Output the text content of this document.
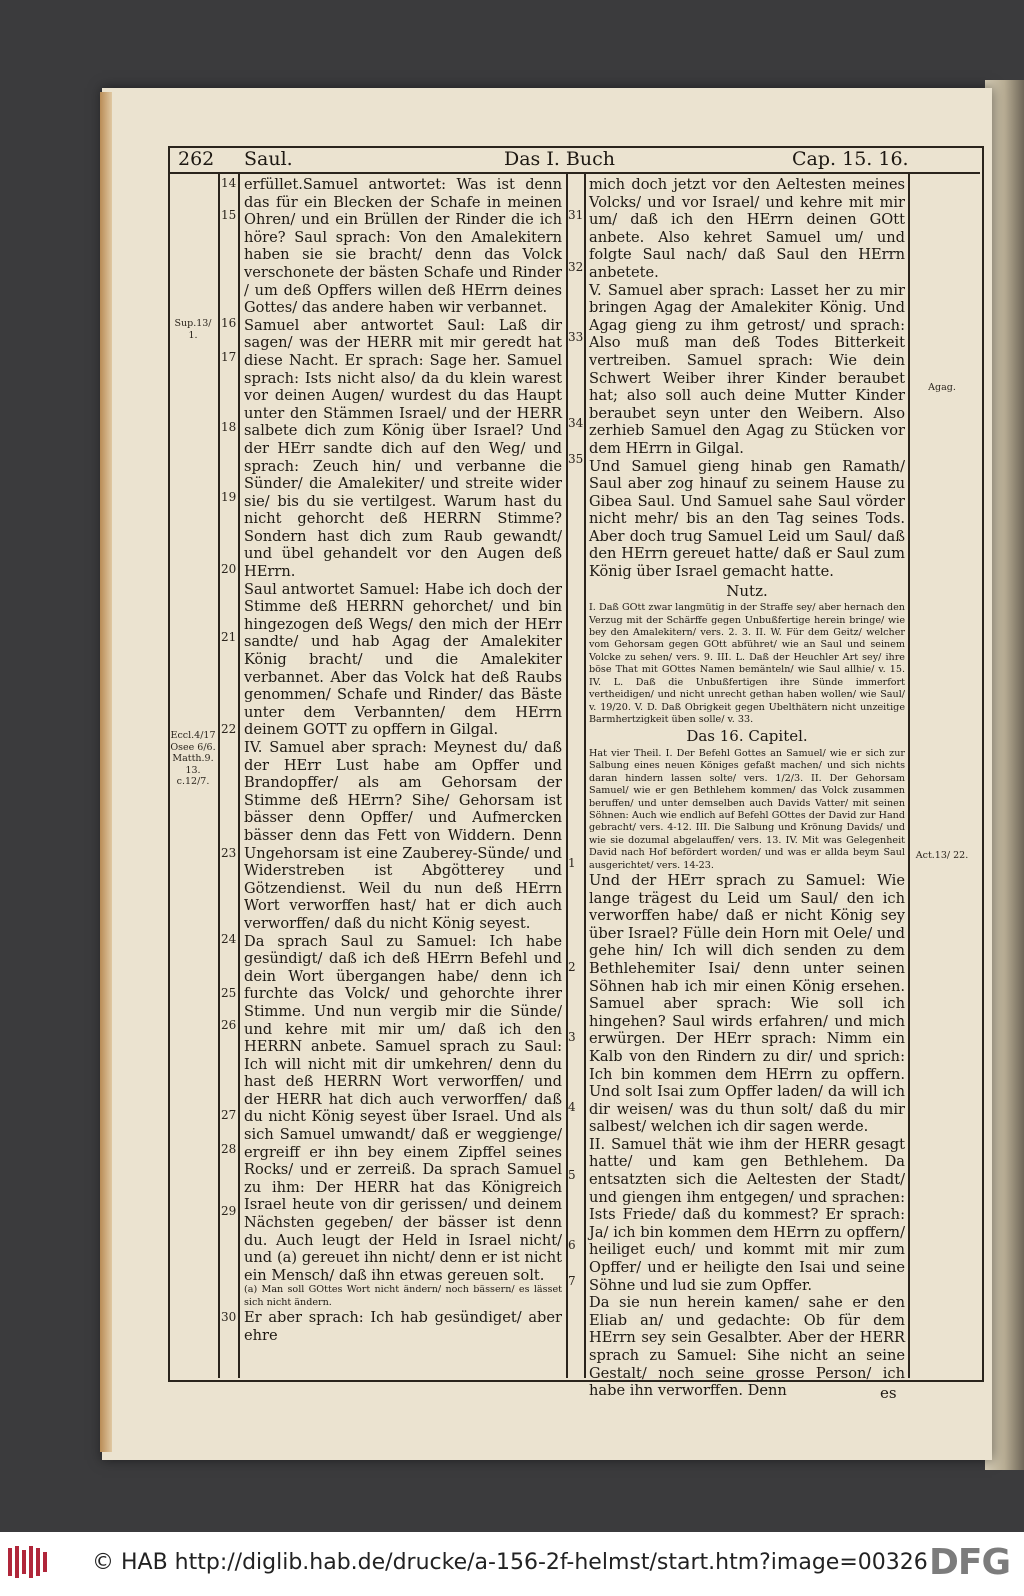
262 Saul.	Das I. Buch	Cap. 15. 16.
Sup.13/ 1.
Eccl.4/17 Osee 6/6. Matth.9. 13. c.12/7.
Agag.
Act.13/ 22.
14
15
16
17
18
19
20
21
22
23
24
25
26
27
28
29
30
31
32
33
34
35
1
2
3
4
5
6
7

erfüllet.Samuel antwortet: Was ist denn das für ein Blecken der Schafe in meinen Ohren/ und ein Brüllen der Rinder die ich höre? Saul sprach: Von den Amalekitern haben sie sie bracht/ denn das Volck verschonete der bästen Schafe und Rinder / um deß Opffers willen deß HErrn deines Gottes/ das andere haben wir verbannet.

Samuel aber antwortet Saul: Laß dir sagen/ was der HERR mit mir geredt hat diese Nacht. Er sprach: Sage her. Samuel sprach: Ists nicht also/ da du klein warest vor deinen Augen/ wurdest du das Haupt unter den Stämmen Israel/ und der HERR salbete dich zum König über Israel? Und der HErr sandte dich auf den Weg/ und sprach: Zeuch hin/ und verbanne die Sünder/ die Amalekiter/ und streite wider sie/ bis du sie vertilgest. Warum hast du nicht gehorcht deß HERRN Stimme? Sondern hast dich zum Raub gewandt/ und übel gehandelt vor den Augen deß HErrn.

Saul antwortet Samuel: Habe ich doch der Stimme deß HERRN gehorchet/ und bin hingezogen deß Wegs/ den mich der HErr sandte/ und hab Agag der Amalekiter König bracht/ und die Amalekiter verbannet. Aber das Volck hat deß Raubs genommen/ Schafe und Rinder/ das Bäste unter dem Verbannten/ dem HErrn deinem GOTT zu opffern in Gilgal.

IV. Samuel aber sprach: Meynest du/ daß der HErr Lust habe am Opffer und Brandopffer/ als am Gehorsam der Stimme deß HErrn? Sihe/ Gehorsam ist bässer denn Opffer/ und Aufmercken bässer denn das Fett von Widdern. Denn Ungehorsam ist eine Zauberey-Sünde/ und Widerstreben ist Abgötterey und Götzendienst. Weil du nun deß HErrn Wort verworffen hast/ hat er dich auch verworffen/ daß du nicht König seyest.

Da sprach Saul zu Samuel: Ich habe gesündigt/ daß ich deß HErrn Befehl und dein Wort übergangen habe/ denn ich furchte das Volck/ und gehorchte ihrer Stimme. Und nun vergib mir die Sünde/ und kehre mit mir um/ daß ich den HERRN anbete. Samuel sprach zu Saul: Ich will nicht mit dir umkehren/ denn du hast deß HERRN Wort verworffen/ und der HERR hat dich auch verworffen/ daß du nicht König seyest über Israel. Und als sich Samuel umwandt/ daß er weggienge/ ergreiff er ihn bey einem Zipffel seines Rocks/ und er zerreiß. Da sprach Samuel zu ihm: Der HERR hat das Königreich Israel heute von dir gerissen/ und deinem Nächsten gegeben/ der bässer ist denn du. Auch leugt der Held in Israel nicht/ und (a) gereuet ihn nicht/ denn er ist nicht ein Mensch/ daß ihn etwas gereuen solt.

(a) Man soll GOttes Wort nicht ändern/ noch bässern/ es lässet sich nicht ändern.

Er aber sprach: Ich hab gesündiget/ aber ehre

mich doch jetzt vor den Aeltesten meines Volcks/ und vor Israel/ und kehre mit mir um/ daß ich den HErrn deinen GOtt anbete. Also kehret Samuel um/ und folgte Saul nach/ daß Saul den HErrn anbetete.

V. Samuel aber sprach: Lasset her zu mir bringen Agag der Amalekiter König. Und Agag gieng zu ihm getrost/ und sprach: Also muß man deß Todes Bitterkeit vertreiben. Samuel sprach: Wie dein Schwert Weiber ihrer Kinder beraubet hat; also soll auch deine Mutter Kinder beraubet seyn unter den Weibern. Also zerhieb Samuel den Agag zu Stücken vor dem HErrn in Gilgal.

Und Samuel gieng hinab gen Ramath/ Saul aber zog hinauf zu seinem Hause zu Gibea Saul. Und Samuel sahe Saul vörder nicht mehr/ bis an den Tag seines Tods. Aber doch trug Samuel Leid um Saul/ daß den HErrn gereuet hatte/ daß er Saul zum König über Israel gemacht hatte.

Nutz.

I. Daß GOtt zwar langmütig in der Straffe sey/ aber hernach den Verzug mit der Schärffe gegen Unbußfertige herein bringe/ wie bey den Amalekitern/ vers. 2. 3. II. W. Für dem Geitz/ welcher vom Gehorsam gegen GOtt abführet/ wie an Saul und seinem Volcke zu sehen/ vers. 9. III. L. Daß der Heuchler Art sey/ ihre böse That mit GOttes Namen bemänteln/ wie Saul allhie/ v. 15. IV. L. Daß die Unbußfertigen ihre Sünde immerfort vertheidigen/ und nicht unrecht gethan haben wollen/ wie Saul/ v. 19/20. V. D. Daß Obrigkeit gegen Ubelthätern nicht unzeitige Barmhertzigkeit üben solle/ v. 33.

Das 16. Capitel.

Hat vier Theil. I. Der Befehl Gottes an Samuel/ wie er sich zur Salbung eines neuen Königes gefaßt machen/ und sich nichts daran hindern lassen solte/ vers. 1/2/3. II. Der Gehorsam Samuel/ wie er gen Bethlehem kommen/ das Volck zusammen beruffen/ und unter demselben auch Davids Vatter/ mit seinen Söhnen: Auch wie endlich auf Befehl GOttes der David zur Hand gebracht/ vers. 4-12. III. Die Salbung und Krönung Davids/ und wie sie dozumal abgelauffen/ vers. 13. IV. Mit was Gelegenheit David nach Hof befördert worden/ und was er allda beym Saul ausgerichtet/ vers. 14-23.

Und der HErr sprach zu Samuel: Wie lange trägest du Leid um Saul/ den ich verworffen habe/ daß er nicht König sey über Israel? Fülle dein Horn mit Oele/ und gehe hin/ Ich will dich senden zu dem Bethlehemiter Isai/ denn unter seinen Söhnen hab ich mir einen König ersehen. Samuel aber sprach: Wie soll ich hingehen? Saul wirds erfahren/ und mich erwürgen. Der HErr sprach: Nimm ein Kalb von den Rindern zu dir/ und sprich: Ich bin kommen dem HErrn zu opffern. Und solt Isai zum Opffer laden/ da will ich dir weisen/ was du thun solt/ daß du mir salbest/ welchen ich dir sagen werde.

II. Samuel thät wie ihm der HERR gesagt hatte/ und kam gen Bethlehem. Da entsatzten sich die Aeltesten der Stadt/ und giengen ihm entgegen/ und sprachen: Ists Friede/ daß du kommest? Er sprach: Ja/ ich bin kommen dem HErrn zu opffern/ heiliget euch/ und kommt mit mir zum Opffer/ und er heiligte den Isai und seine Söhne und lud sie zum Opffer.

Da sie nun herein kamen/ sahe er den Eliab an/ und gedachte: Ob für dem HErrn sey sein Gesalbter. Aber der HERR sprach zu Samuel: Sihe nicht an seine Gestalt/ noch seine grosse Person/ ich habe ihn verworffen. Denn	es
© HAB http://diglib.hab.de/drucke/a-156-2f-helmst/start.htm?image=00326 DFG
